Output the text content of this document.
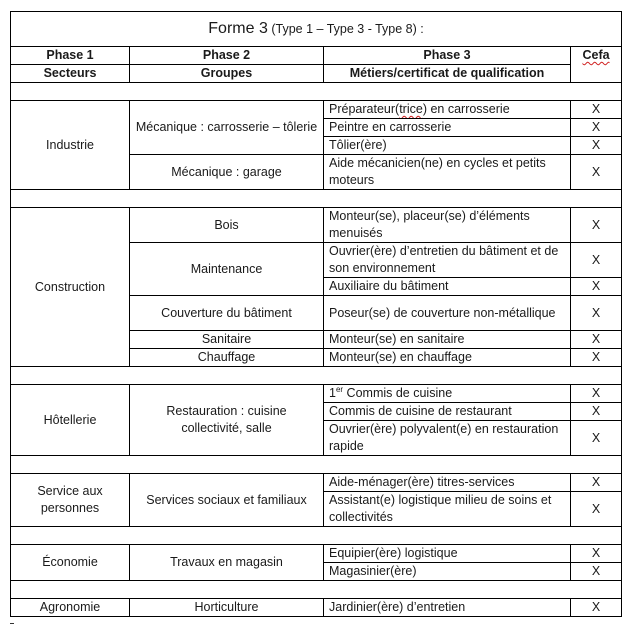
Forme 3 (Type 1 – Type 3 - Type 8) :			
Phase 1	Phase 2	Phase 3	Cefa
Secteurs	Groupes	Métiers/certificat de qualification	

Industrie	Mécanique : carrosserie – tôlerie	Préparateur(trice) en carrosserie	X
		Peintre en carrosserie	X
		Tôlier(ère)	X
	Mécanique : garage	Aide mécanicien(ne) en cycles et petits moteurs	X

Construction	Bois	Monteur(se), placeur(se) d’éléments menuisés	X
	Maintenance	Ouvrier(ère) d’entretien du bâtiment et de son environnement	X
		Auxiliaire du bâtiment	X
	Couverture du bâtiment	Poseur(se) de couverture non-métallique	X
	Sanitaire	Monteur(se) en sanitaire	X
	Chauffage	Monteur(se) en chauffage	X

Hôtellerie	Restauration : cuisine collectivité, salle	1er Commis de cuisine	X
		Commis de cuisine de restaurant	X
		Ouvrier(ère) polyvalent(e) en restauration rapide	X

Service aux personnes	Services sociaux et familiaux	Aide-ménager(ère) titres-services	X
		Assistant(e) logistique milieu de soins et collectivités	X

Économie	Travaux en magasin	Equipier(ère) logistique	X
		Magasinier(ère)	X

Agronomie	Horticulture	Jardinier(ère) d’entretien	X
